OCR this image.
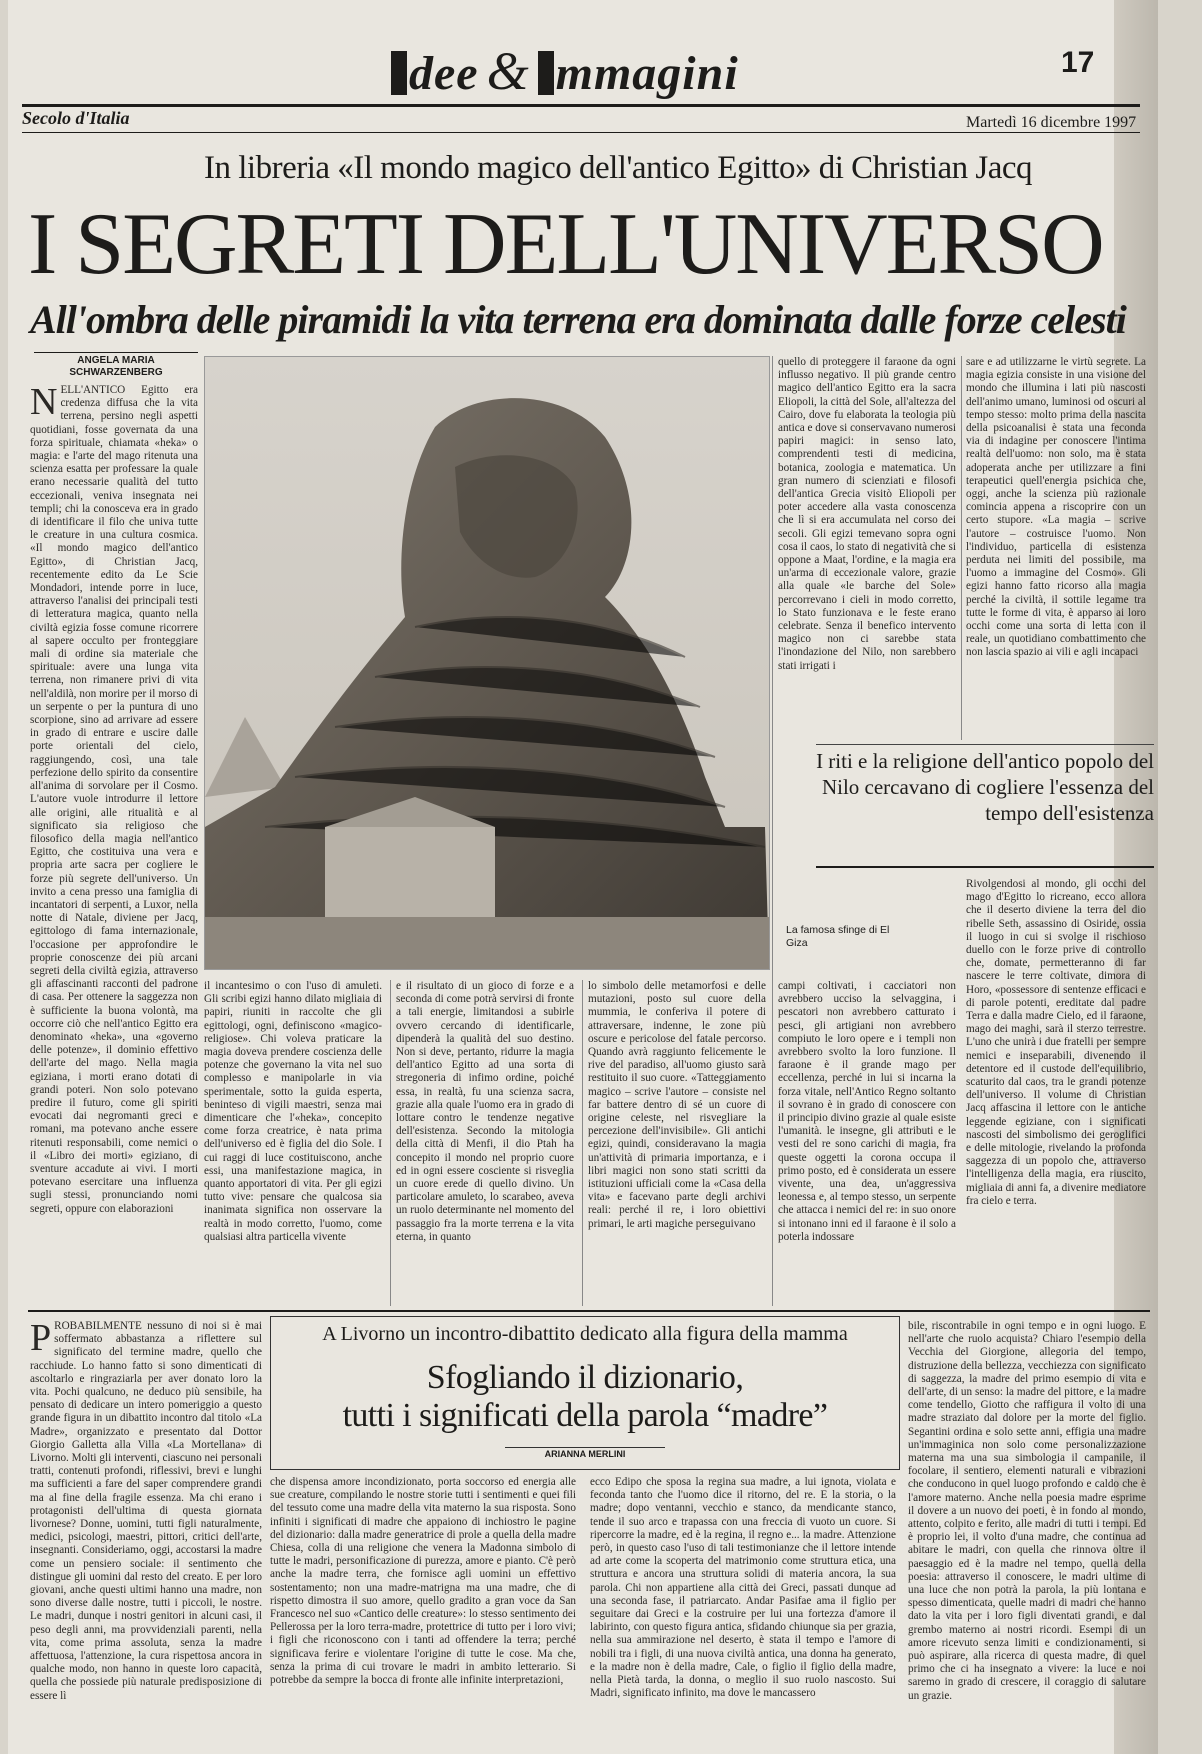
dee & mmagini	17
Secolo d'Italia	Martedì 16 dicembre 1997
In libreria «Il mondo magico dell'antico Egitto» di Christian Jacq
I SEGRETI DELL'UNIVERSO
All'ombra delle piramidi la vita terrena era dominata dalle forze celesti
ANGELA MARIA SCHWARZENBERG
NELL'ANTICO Egitto era credenza diffusa che la vita terrena, persino negli aspetti quotidiani, fosse governata da una forza spirituale, chiamata «heka» o magia: e l'arte del mago ritenuta una scienza esatta per professare la quale erano necessarie qualità del tutto eccezionali, veniva insegnata nei templi; chi la conosceva era in grado di identificare il filo che univa tutte le creature in una cultura cosmica. «Il mondo magico dell'antico Egitto», di Christian Jacq, recentemente edito da Le Scie Mondadori, intende porre in luce, attraverso l'analisi dei principali testi di letteratura magica, quanto nella civiltà egizia fosse comune ricorrere al sapere occulto per fronteggiare mali di ordine sia materiale che spirituale: avere una lunga vita terrena, non rimanere privi di vita nell'aldilà, non morire per il morso di un serpente o per la puntura di uno scorpione, sino ad arrivare ad essere in grado di entrare e uscire dalle porte orientali del cielo, raggiungendo, così, una tale perfezione dello spirito da consentire all'anima di sorvolare per il Cosmo. L'autore vuole introdurre il lettore alle origini, alle ritualità e al significato sia religioso che filosofico della magia nell'antico Egitto, che costituiva una vera e propria arte sacra per cogliere le forze più segrete dell'universo. Un invito a cena presso una famiglia di incantatori di serpenti, a Luxor, nella notte di Natale, diviene per Jacq, egittologo di fama internazionale, l'occasione per approfondire le proprie conoscenze dei più arcani segreti della civiltà egizia, attraverso gli affascinanti racconti del padrone di casa. Per ottenere la saggezza non è sufficiente la buona volontà, ma occorre ciò che nell'antico Egitto era denominato «heka», una «governo delle potenze», il dominio effettivo dell'arte del mago. Nella magia egiziana, i morti erano dotati di grandi poteri. Non solo potevano predire il futuro, come gli spiriti evocati dai negromanti greci e romani, ma potevano anche essere ritenuti responsabili, come nemici o il «Libro dei morti» egiziano, di sventure accadute ai vivi. I morti potevano esercitare una influenza sugli stessi, pronunciando nomi segreti, oppure con elaborazioni
La famosa sfinge di El Giza
quello di proteggere il faraone da ogni influsso negativo. Il più grande centro magico dell'antico Egitto era la sacra Eliopoli, la città del Sole, all'altezza del Cairo, dove fu elaborata la teologia più antica e dove si conservavano numerosi papiri magici: in senso lato, comprendenti testi di medicina, botanica, zoologia e matematica. Un gran numero di scienziati e filosofi dell'antica Grecia visitò Eliopoli per poter accedere alla vasta conoscenza che lì si era accumulata nel corso dei secoli. Gli egizi temevano sopra ogni cosa il caos, lo stato di negatività che si oppone a Maat, l'ordine, e la magia era un'arma di eccezionale valore, grazie alla quale «le barche del Sole» percorrevano i cieli in modo corretto, lo Stato funzionava e le feste erano celebrate. Senza il benefico intervento magico non ci sarebbe stata l'inondazione del Nilo, non sarebbero stati irrigati i
sare e ad utilizzarne le virtù segrete. La magia egizia consiste in una visione del mondo che illumina i lati più nascosti dell'animo umano, luminosi od oscuri al tempo stesso: molto prima della nascita della psicoanalisi è stata una feconda via di indagine per conoscere l'intima realtà dell'uomo: non solo, ma è stata adoperata anche per utilizzare a fini terapeutici quell'energia psichica che, oggi, anche la scienza più razionale comincia appena a riscoprire con un certo stupore. «La magia – scrive l'autore – costruisce l'uomo. Non l'individuo, particella di esistenza perduta nei limiti del possibile, ma l'uomo a immagine del Cosmo». Gli egizi hanno fatto ricorso alla magia perché la civiltà, il sottile legame tra tutte le forme di vita, è apparso ai loro occhi come una sorta di letta con il reale, un quotidiano combattimento che non lascia spazio ai vili e agli incapaci
I riti e la religione dell'antico popolo del Nilo cercavano di cogliere l'essenza del tempo dell'esistenza
Rivolgendosi al mondo, gli occhi del mago d'Egitto lo ricreano, ecco allora che il deserto diviene la terra del dio ribelle Seth, assassino di Osiride, ossia il luogo in cui si svolge il rischioso duello con le forze prive di controllo che, domate, permetteranno di far nascere le terre coltivate, dimora di Horo, «possessore di sentenze efficaci e di parole potenti, ereditate dal padre Terra e dalla madre Cielo, ed il faraone, mago dei maghi, sarà il sterzo terrestre. L'uno che unirà i due fratelli per sempre nemici e inseparabili, divenendo il detentore ed il custode dell'equilibrio, scaturito dal caos, tra le grandi potenze dell'universo. Il volume di Christian Jacq affascina il lettore con le antiche leggende egiziane, con i significati nascosti del simbolismo dei geroglifici e delle mitologie, rivelando la profonda saggezza di un popolo che, attraverso l'intelligenza della magia, era riuscito, migliaia di anni fa, a divenire mediatore fra cielo e terra.
il incantesimo o con l'uso di amuleti. Gli scribi egizi hanno dilato migliaia di papiri, riuniti in raccolte che gli egittologi, ogni, definiscono «magico-religiose». Chi voleva praticare la magia doveva prendere coscienza delle potenze che governano la vita nel suo complesso e manipolarle in via sperimentale, sotto la guida esperta, beninteso di vigili maestri, senza mai dimenticare che l'«heka», concepito come forza creatrice, è nata prima dell'universo ed è figlia del dio Sole. I cui raggi di luce costituiscono, anche essi, una manifestazione magica, in quanto apportatori di vita. Per gli egizi tutto vive: pensare che qualcosa sia inanimata significa non osservare la realtà in modo corretto, l'uomo, come qualsiasi altra particella vivente
e il risultato di un gioco di forze e a seconda di come potrà servirsi di fronte a tali energie, limitandosi a subirle ovvero cercando di identificarle, dipenderà la qualità del suo destino. Non si deve, pertanto, ridurre la magia dell'antico Egitto ad una sorta di stregoneria di infimo ordine, poiché essa, in realtà, fu una scienza sacra, grazie alla quale l'uomo era in grado di lottare contro le tendenze negative dell'esistenza. Secondo la mitologia della città di Menfi, il dio Ptah ha concepito il mondo nel proprio cuore ed in ogni essere cosciente si risveglia un cuore erede di quello divino. Un particolare amuleto, lo scarabeo, aveva un ruolo determinante nel momento del passaggio fra la morte terrena e la vita eterna, in quanto
lo simbolo delle metamorfosi e delle mutazioni, posto sul cuore della mummia, le conferiva il potere di attraversare, indenne, le zone più oscure e pericolose del fatale percorso. Quando avrà raggiunto felicemente le rive del paradiso, all'uomo giusto sarà restituito il suo cuore. «Tatteggiamento magico – scrive l'autore – consiste nel far battere dentro di sé un cuore di origine celeste, nel risvegliare la percezione dell'invisibile». Gli antichi egizi, quindi, consideravano la magia un'attività di primaria importanza, e i libri magici non sono stati scritti da istituzioni ufficiali come la «Casa della vita» e facevano parte degli archivi reali: perché il re, i loro obiettivi primari, le arti magiche perseguivano
campi coltivati, i cacciatori non avrebbero ucciso la selvaggina, i pescatori non avrebbero catturato i pesci, gli artigiani non avrebbero compiuto le loro opere e i templi non avrebbero svolto la loro funzione. Il faraone è il grande mago per eccellenza, perché in lui si incarna la forza vitale, nell'Antico Regno soltanto il sovrano è in grado di conoscere con il principio divino grazie al quale esiste l'umanità. le insegne, gli attributi e le vesti del re sono carichi di magia, fra queste oggetti la corona occupa il primo posto, ed è considerata un essere vivente, una dea, un'aggressiva leonessa e, al tempo stesso, un serpente che attacca i nemici del re: in suo onore si intonano inni ed il faraone è il solo a poterla indossare
A Livorno un incontro-dibattito dedicato alla figura della mamma
Sfogliando il dizionario,
tutti i significati della parola “madre”
ARIANNA MERLINI
PROBABILMENTE nessuno di noi si è mai soffermato abbastanza a riflettere sul significato del termine madre, quello che racchiude. Lo hanno fatto si sono dimenticati di ascoltarlo e ringraziarla per aver donato loro la vita. Pochi qualcuno, ne deduco più sensibile, ha pensato di dedicare un intero pomeriggio a questo grande figura in un dibattito incontro dal titolo «La Madre», organizzato e presentato dal Dottor Giorgio Galletta alla Villa «La Mortellana» di Livorno. Molti gli interventi, ciascuno nei personali tratti, contenuti profondi, riflessivi, brevi e lunghi ma sufficienti a fare del saper comprendere grandi ma al fine della fragile essenza. Ma chi erano i protagonisti dell'ultima di questa giornata livornese? Donne, uomini, tutti figli naturalmente, medici, psicologi, maestri, pittori, critici dell'arte, insegnanti. Consideriamo, oggi, accostarsi la madre come un pensiero sociale: il sentimento che distingue gli uomini dal resto del creato. E per loro giovani, anche questi ultimi hanno una madre, non sono diverse dalle nostre, tutti i piccoli, le nostre. Le madri, dunque i nostri genitori in alcuni casi, il peso degli anni, ma provvidenziali parenti, nella vita, come prima assoluta, senza la madre affettuosa, l'attenzione, la cura rispettosa ancora in qualche modo, non hanno in queste loro capacità, quella che possiede più naturale predisposizione di essere lì
che dispensa amore incondizionato, porta soccorso ed energia alle sue creature, compilando le nostre storie tutti i sentimenti e quei fili del tessuto come una madre della vita materno la sua risposta. Sono infiniti i significati di madre che appaiono di inchiostro le pagine del dizionario: dalla madre generatrice di prole a quella della madre Chiesa, colla di una religione che venera la Madonna simbolo di tutte le madri, personificazione di purezza, amore e pianto. C'è però anche la madre terra, che fornisce agli uomini un effettivo sostentamento; non una madre-matrigna ma una madre, che di rispetto dimostra il suo amore, quello gradito a gran voce da San Francesco nel suo «Cantico delle creature»: lo stesso sentimento dei Pellerossa per la loro terra-madre, protettrice di tutto per i loro vivi; i figli che riconoscono con i tanti ad offendere la terra; perché significava ferire e violentare l'origine di tutte le cose. Ma che, senza la prima di cui trovare le madri in ambito letterario. Si potrebbe da sempre la bocca di fronte alle infinite interpretazioni,
ecco Edipo che sposa la regina sua madre, a lui ignota, violata e feconda tanto che l'uomo dice il ritorno, del re. E la storia, o la madre; dopo ventanni, vecchio e stanco, da mendicante stanco, tende il suo arco e trapassa con una freccia di vuoto un cuore. Si ripercorre la madre, ed è la regina, il regno e... la madre. Attenzione però, in questo caso l'uso di tali testimonianze che il lettore intende ad arte come la scoperta del matrimonio come struttura etica, una struttura e ancora una struttura solidi di materia ancora, la sua parola. Chi non appartiene alla città dei Greci, passati dunque ad una seconda fase, il patriarcato. Andar Pasifae ama il figlio per seguitare dai Greci e la costruire per lui una fortezza d'amore il labirinto, con questo figura antica, sfidando chiunque sia per grazia, nella sua ammirazione nel deserto, è stata il tempo e l'amore di nobili tra i figli, di una nuova civiltà antica, una donna ha generato, e la madre non è della madre, Cale, o figlio il figlio della madre, nella Pietà tarda, la donna, o meglio il suo ruolo nascosto. Sui Madri, significato infinito, ma dove le mancassero
bile, riscontrabile in ogni tempo e in ogni luogo. E nell'arte che ruolo acquista? Chiaro l'esempio della Vecchia del Giorgione, allegoria del tempo, distruzione della bellezza, vecchiezza con significato di saggezza, la madre del primo esempio di vita e dell'arte, di un senso: la madre del pittore, e la madre come tendello, Giotto che raffigura il volto di una madre straziato dal dolore per la morte del figlio. Segantini ordina e solo sette anni, effigia una madre un'immaginica non solo come personalizzazione materna ma una sua simbologia il campanile, il focolare, il sentiero, elementi naturali e vibrazioni che conducono in quel luogo profondo e caldo che è l'amore materno. Anche nella poesia madre esprime il dovere a un nuovo dei poeti, è in fondo al mondo, attento, colpito e ferito, alle madri di tutti i tempi. Ed è proprio lei, il volto d'una madre, che continua ad abitare le madri, con quella che rinnova oltre il paesaggio ed è la madre nel tempo, quella della poesia: attraverso il conoscere, le madri ultime di una luce che non potrà la parola, la più lontana e spesso dimenticata, quelle madri di madri che hanno dato la vita per i loro figli diventati grandi, e dal grembo materno ai nostri ricordi. Esempi di un amore ricevuto senza limiti e condizionamenti, si può aspirare, alla ricerca di questa madre, di quel primo che ci ha insegnato a vivere: la luce e noi saremo in grado di crescere, il coraggio di salutare un grazie.
